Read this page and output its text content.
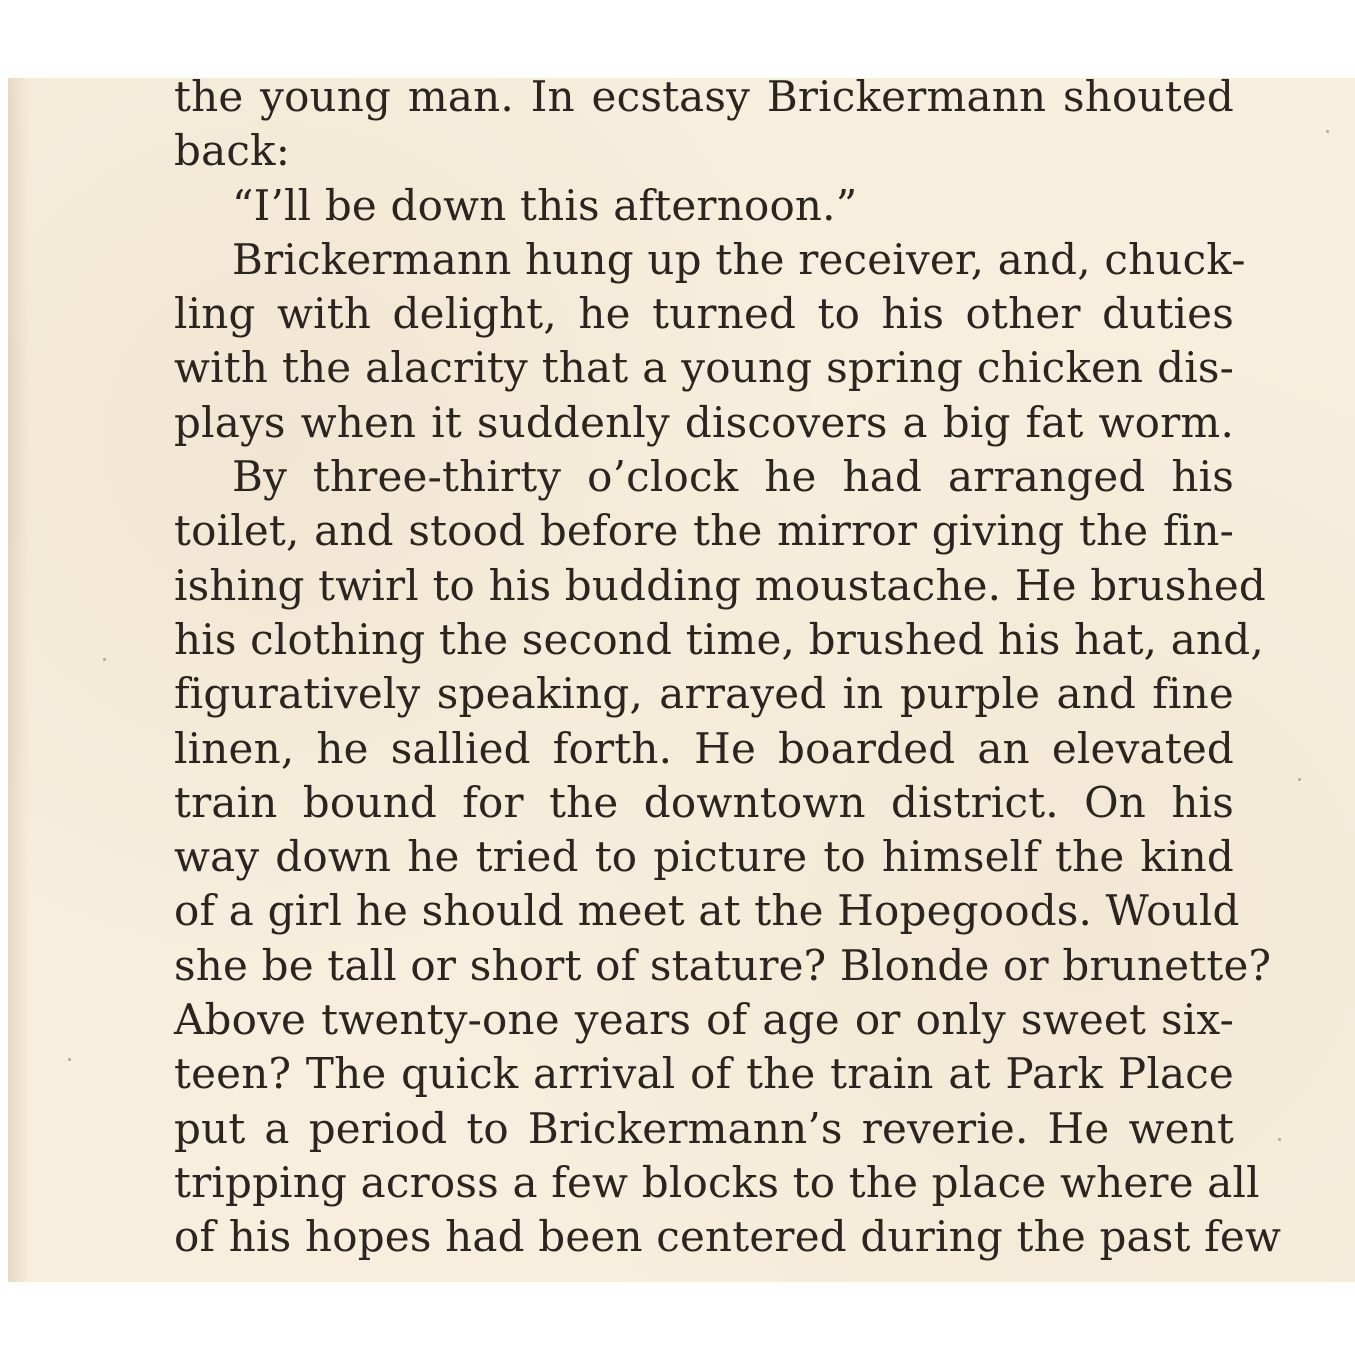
the young man. In ecstasy Brickermann shouted
back:
“I’ll be down this afternoon.”
Brickermann hung up the receiver, and, chuck-
ling with delight, he turned to his other duties
with the alacrity that a young spring chicken dis-
plays when it suddenly discovers a big fat worm.
By three-thirty o’clock he had arranged his
toilet, and stood before the mirror giving the fin-
ishing twirl to his budding moustache. He brushed
his clothing the second time, brushed his hat, and,
figuratively speaking, arrayed in purple and fine
linen, he sallied forth. He boarded an elevated
train bound for the downtown district. On his
way down he tried to picture to himself the kind
of a girl he should meet at the Hopegoods. Would
she be tall or short of stature? Blonde or brunette?
Above twenty-one years of age or only sweet six-
teen? The quick arrival of the train at Park Place
put a period to Brickermann’s reverie. He went
tripping across a few blocks to the place where all
of his hopes had been centered during the past few
